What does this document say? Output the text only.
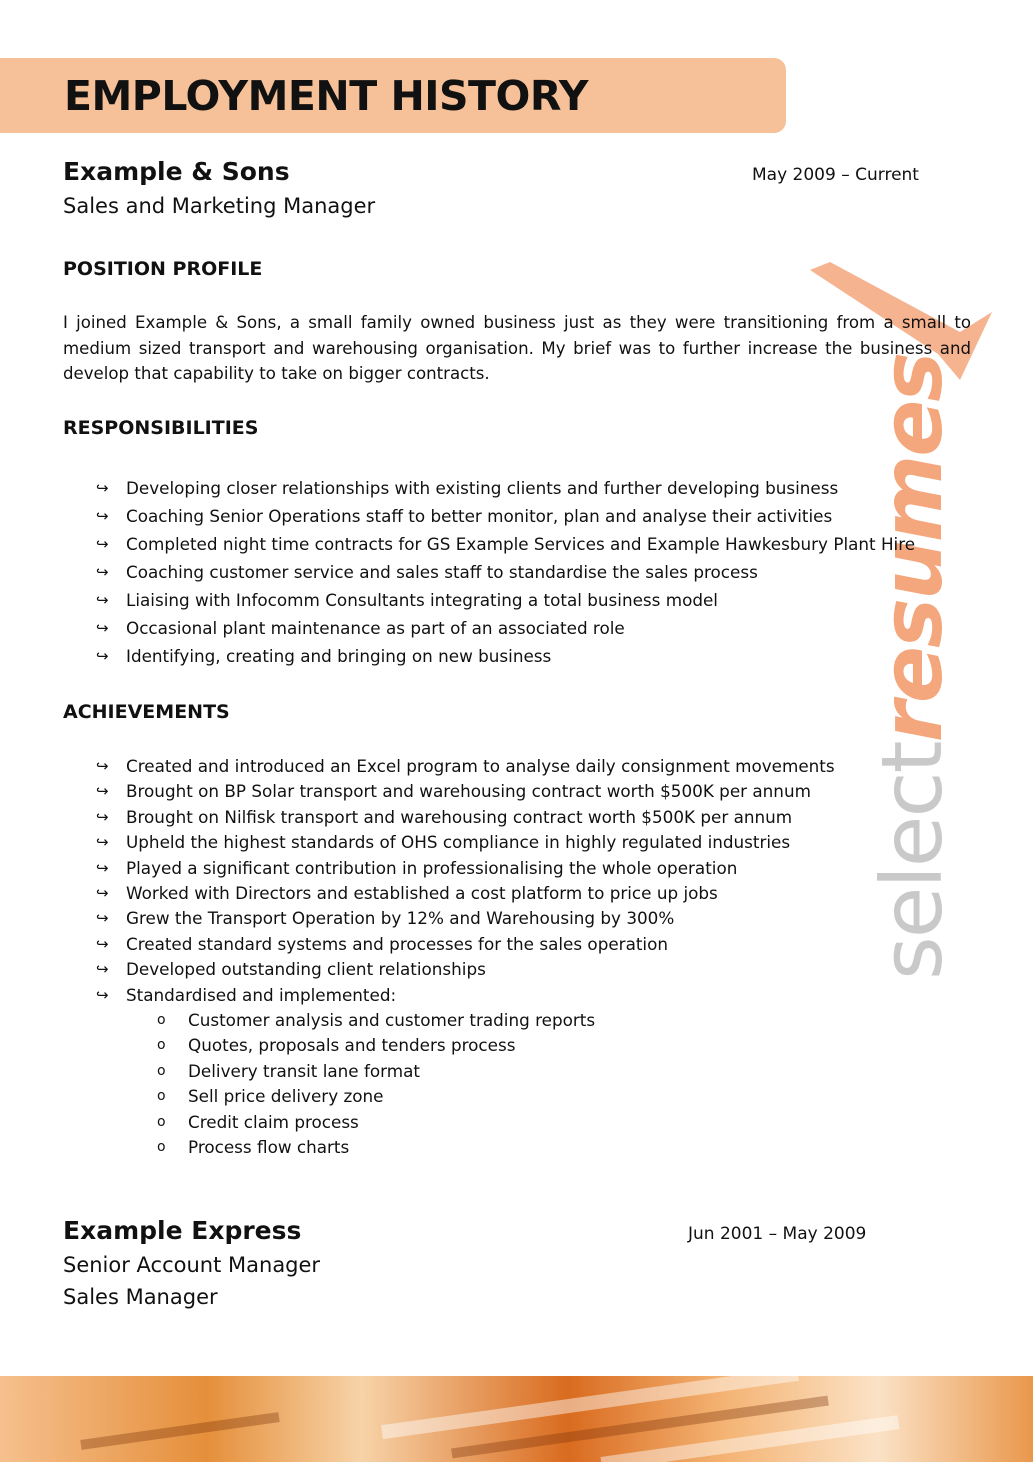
EMPLOYMENT HISTORY
selectresumes
Example & Sons	May 2009 – Current
Sales and Marketing Manager
POSITION PROFILE

I joined Example & Sons, a small family owned business just as they were transitioning from a small to medium sized transport and warehousing organisation. My brief was to further increase the business and develop that capability to take on bigger contracts.

RESPONSIBILITIES
↪ Developing closer relationships with existing clients and further developing business
↪ Coaching Senior Operations staff to better monitor, plan and analyse their activities
↪ Completed night time contracts for GS Example Services and Example Hawkesbury Plant Hire
↪ Coaching customer service and sales staff to standardise the sales process
↪ Liaising with Infocomm Consultants integrating a total business model
↪ Occasional plant maintenance as part of an associated role
↪ Identifying, creating and bringing on new business
ACHIEVEMENTS
↪ Created and introduced an Excel program to analyse daily consignment movements
↪ Brought on BP Solar transport and warehousing contract worth $500K per annum
↪ Brought on Nilfisk transport and warehousing contract worth $500K per annum
↪ Upheld the highest standards of OHS compliance in highly regulated industries
↪ Played a significant contribution in professionalising the whole operation
↪ Worked with Directors and established a cost platform to price up jobs
↪ Grew the Transport Operation by 12% and Warehousing by 300%
↪ Created standard systems and processes for the sales operation
↪ Developed outstanding client relationships
↪ Standardised and implemented:
o Customer analysis and customer trading reports
o Quotes, proposals and tenders process
o Delivery transit lane format
o Sell price delivery zone
o Credit claim process
o Process flow charts
Example Express	Jun 2001 – May 2009
Senior Account Manager
Sales Manager
